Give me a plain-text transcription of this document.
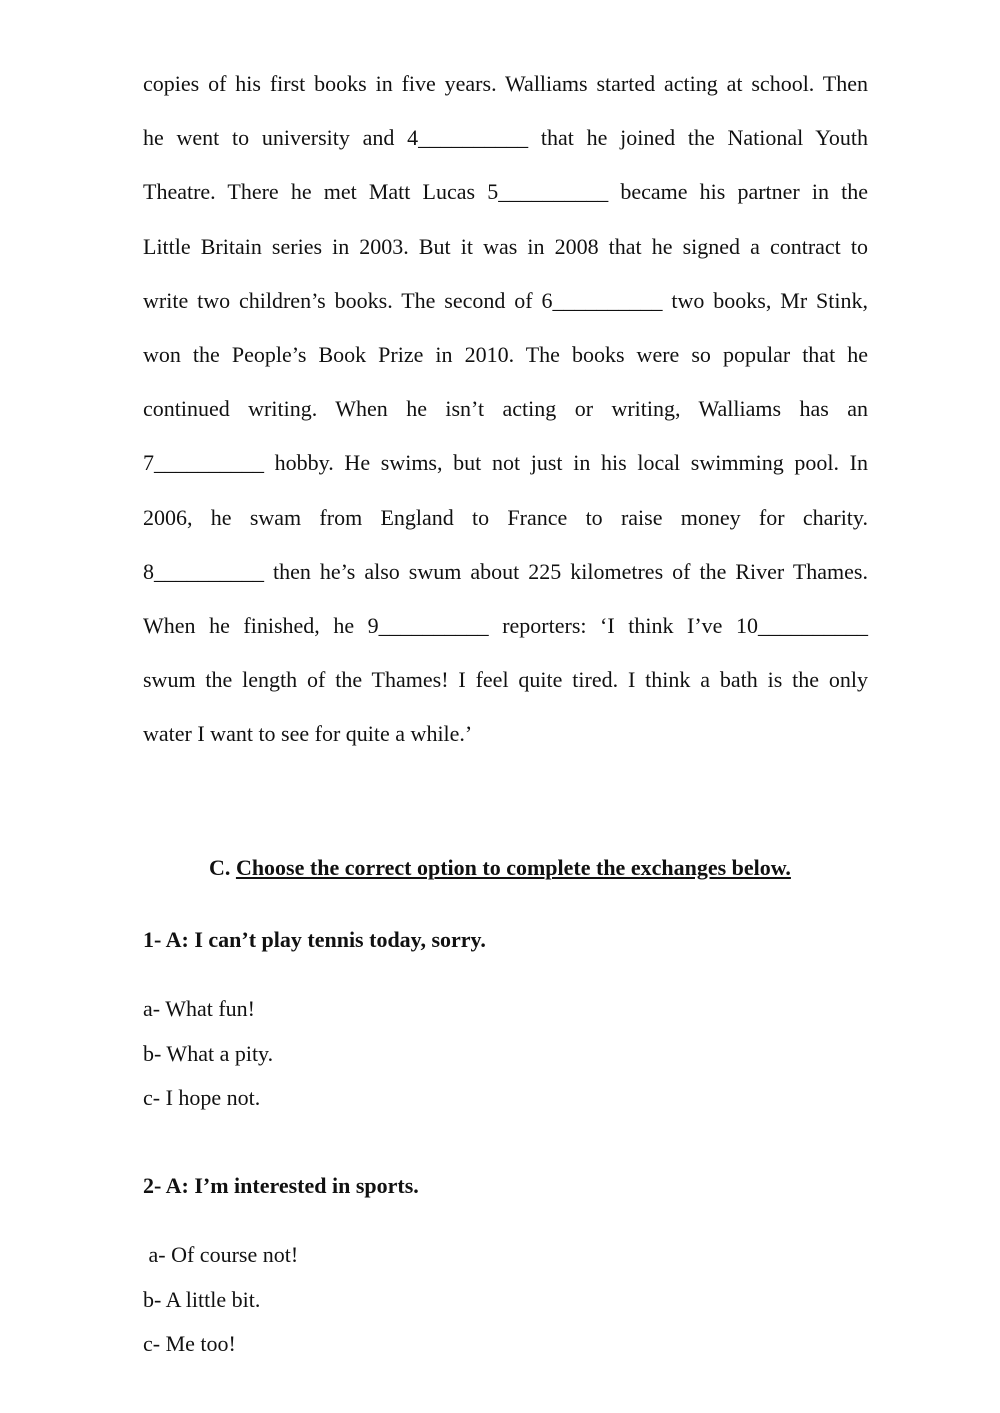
copies of his first books in five years. Walliams started acting at school. Then
he went to university and 4__________ that he joined the National Youth
Theatre. There he met Matt Lucas 5__________ became his partner in the
Little Britain series in 2003. But it was in 2008 that he signed a contract to
write two children’s books. The second of 6__________ two books, Mr Stink,
won the People’s Book Prize in 2010. The books were so popular that he
continued writing. When he isn’t acting or writing, Walliams has an
7__________ hobby. He swims, but not just in his local swimming pool. In
2006, he swam from England to France to raise money for charity.
8__________ then he’s also swum about 225 kilometres of the River Thames.
When he finished, he 9__________ reporters: ‘I think I’ve 10__________
swum the length of the Thames! I feel quite tired. I think a bath is the only
water I want to see for quite a while.’
C. Choose the correct option to complete the exchanges below.
1- A: I can’t play tennis today, sorry.
a- What fun!
b- What a pity.
c- I hope not.
2- A: I’m interested in sports.
a- Of course not!
b- A little bit.
c- Me too!
